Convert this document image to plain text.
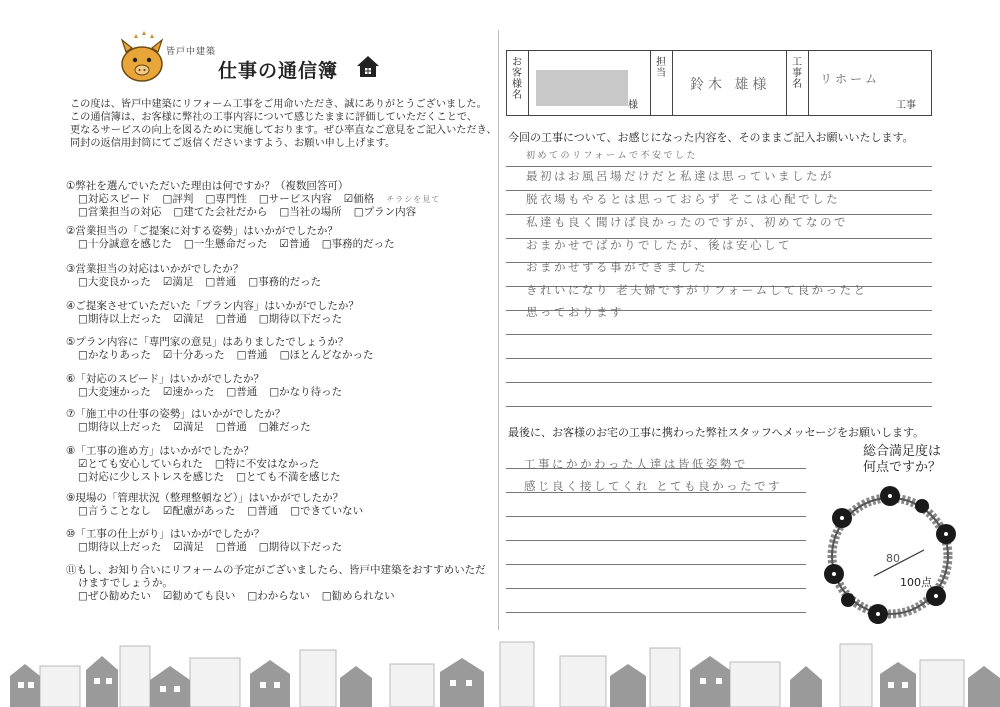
皆戸中建築
仕事の通信簿
この度は、皆戸中建築にリフォーム工事をご用命いただき、誠にありがとうございました。
この通信簿は、お客様に弊社の工事内容について感じたままに評価していただくことで、
更なるサービスの向上を図るために実施しております。ぜひ率直なご意見をご記入いただき、
同封の返信用封筒にてご返信くださいますよう、お願い申し上げます。
①弊社を選んでいただいた理由は何ですか？（複数回答可）
□対応スピード □評判 □専門性 □サービス内容 ☑価格 チラシを見て
□営業担当の対応 □建てた会社だから □当社の場所 □プラン内容
②営業担当の「ご提案に対する姿勢」はいかがでしたか？
□十分誠意を感じた □一生懸命だった ☑普通 □事務的だった
③営業担当の対応はいかがでしたか？
□大変良かった ☑満足 □普通 □事務的だった
④ご提案させていただいた「プラン内容」はいかがでしたか？
□期待以上だった ☑満足 □普通 □期待以下だった
⑤プラン内容に「専門家の意見」はありましたでしょうか？
□かなりあった ☑十分あった □普通 □ほとんどなかった
⑥「対応のスピード」はいかがでしたか？
□大変速かった ☑速かった □普通 □かなり待った
⑦「施工中の仕事の姿勢」はいかがでしたか？
□期待以上だった ☑満足 □普通 □雑だった
⑧「工事の進め方」はいかがでしたか？
☑とても安心していられた □特に不安はなかった
□対応に少しストレスを感じた □とても不満を感じた
⑨現場の「管理状況（整理整頓など）」はいかがでしたか？
□言うことなし ☑配慮があった □普通 □できていない
⑩「工事の仕上がり」はいかがでしたか？
□期待以上だった ☑満足 □普通 □期待以下だった
⑪もし、お知り合いにリフォームの予定がございましたら、皆戸中建築をおすすめいただ
けますでしょうか。
□ぜひ勧めたい ☑勧めても良い □わからない □勧められない
お客様名
担当
工事名
様
鈴木 雄様	リホーム
工事
今回の工事について、お感じになった内容を、そのままご記入お願いいたします。
初めてのリフォームで不安でした
最初はお風呂場だけだと私達は思っていましたが
脱衣場もやるとは思っておらず そこは心配でした
私達も良く聞けば良かったのですが、初めてなので
おまかせでばかりでしたが、後は安心して
おまかせする事ができました
きれいになり 老夫婦ですがリフォームして良かったと
思っております
最後に、お客様のお宅の工事に携わった弊社スタッフへメッセージをお願いします。
工事にかかわった人達は皆低姿勢で
感じ良く接してくれ とても良かったです
総合満足度は
何点ですか？
80
100点
